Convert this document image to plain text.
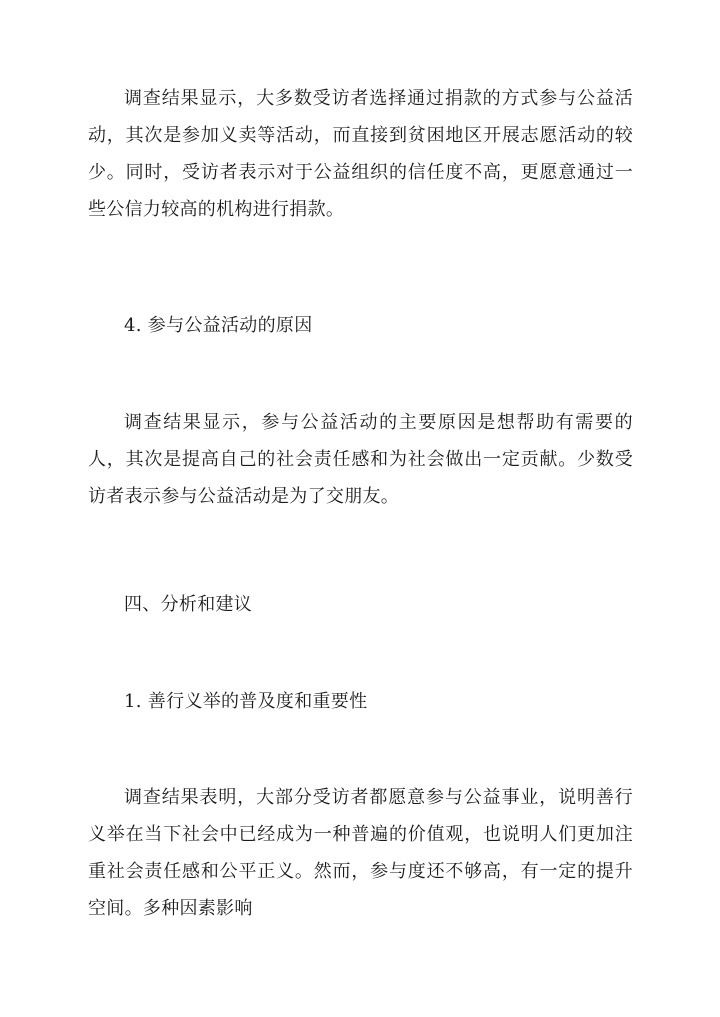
调查结果显示，大多数受访者选择通过捐款的方式参与公益活动，其次是参加义卖等活动，而直接到贫困地区开展志愿活动的较少。同时，受访者表示对于公益组织的信任度不高，更愿意通过一些公信力较高的机构进行捐款。

4. 参与公益活动的原因

调查结果显示，参与公益活动的主要原因是想帮助有需要的人，其次是提高自己的社会责任感和为社会做出一定贡献。少数受访者表示参与公益活动是为了交朋友。

四、分析和建议

1. 善行义举的普及度和重要性

调查结果表明，大部分受访者都愿意参与公益事业，说明善行义举在当下社会中已经成为一种普遍的价值观，也说明人们更加注重社会责任感和公平正义。然而，参与度还不够高，有一定的提升空间。多种因素影响
